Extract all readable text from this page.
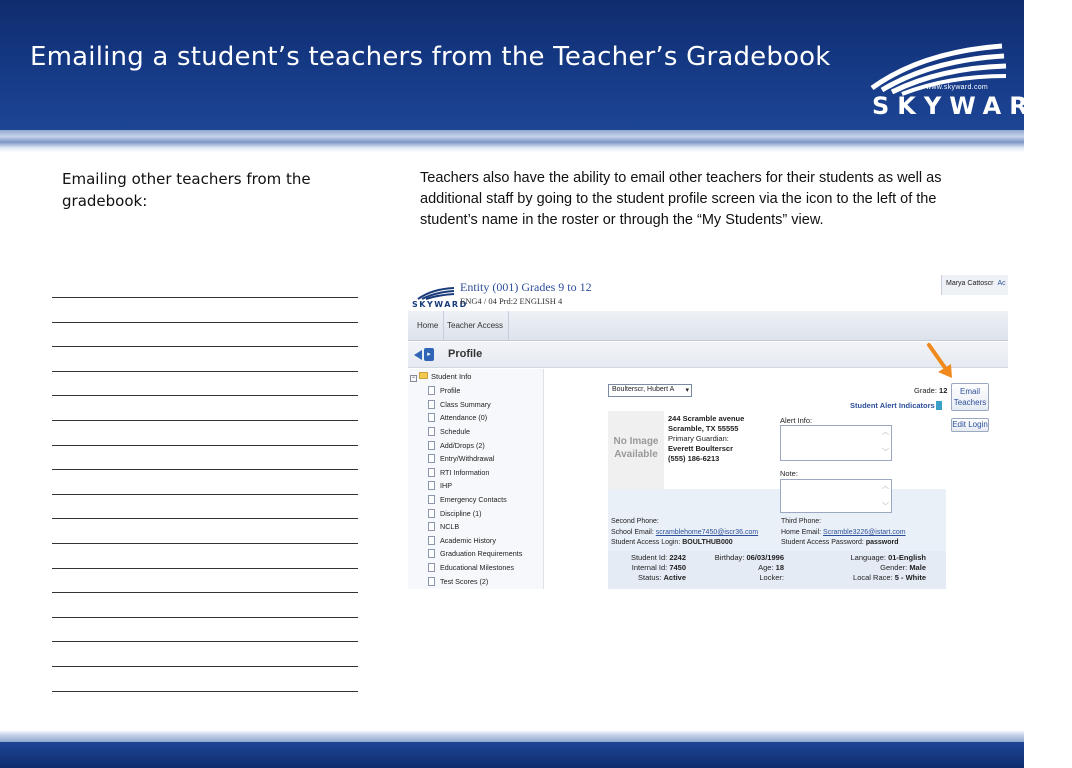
Emailing a student’s teachers from the Teacher’s Gradebook
www.skyward.com
SKYWARD®
Emailing other teachers from the gradebook:
Teachers also have the ability to email other teachers for their students as well as additional staff by going to the student profile screen via the icon to the left of the student’s name in the roster or through the “My Students” view.
SKYWARD
Entity (001) Grades 9 to 12
ENG4 / 04 Prd:2 ENGLISH 4
Marya Cattoscr Ac
Home	Teacher Access
▸ Profile
− Student Info
Profile
Class Summary
Attendance (0)
Schedule
Add/Drops (2)
Entry/Withdrawal
RTI Information
IHP
Emergency Contacts
Discipline (1)
NCLB
Academic History
Graduation Requirements
Educational Milestones
Test Scores (2)
Boulterscr, Hubert A ▾	Grade: 12
Student Alert Indicators
Email
Teachers
Edit Login
No Image
Available
244 Scramble avenue
Scramble, TX 55555
Primary Guardian:
Everett Boulterscr
(555) 186-6213
Alert Info:
︿

﹀
Note:
︿

﹀
Second Phone:	Third Phone:
School Email: scramblehome7450@iscr36.com	Home Email: Scramble3226@istart.com
Student Access Login: BOULTHUB000	Student Access Password: password
Student Id: 2242	Birthday: 06/03/1996	Language: 01-English
Internal Id: 7450	Age: 18	Gender: Male
Status: Active	Locker:	Local Race: 5 - White
